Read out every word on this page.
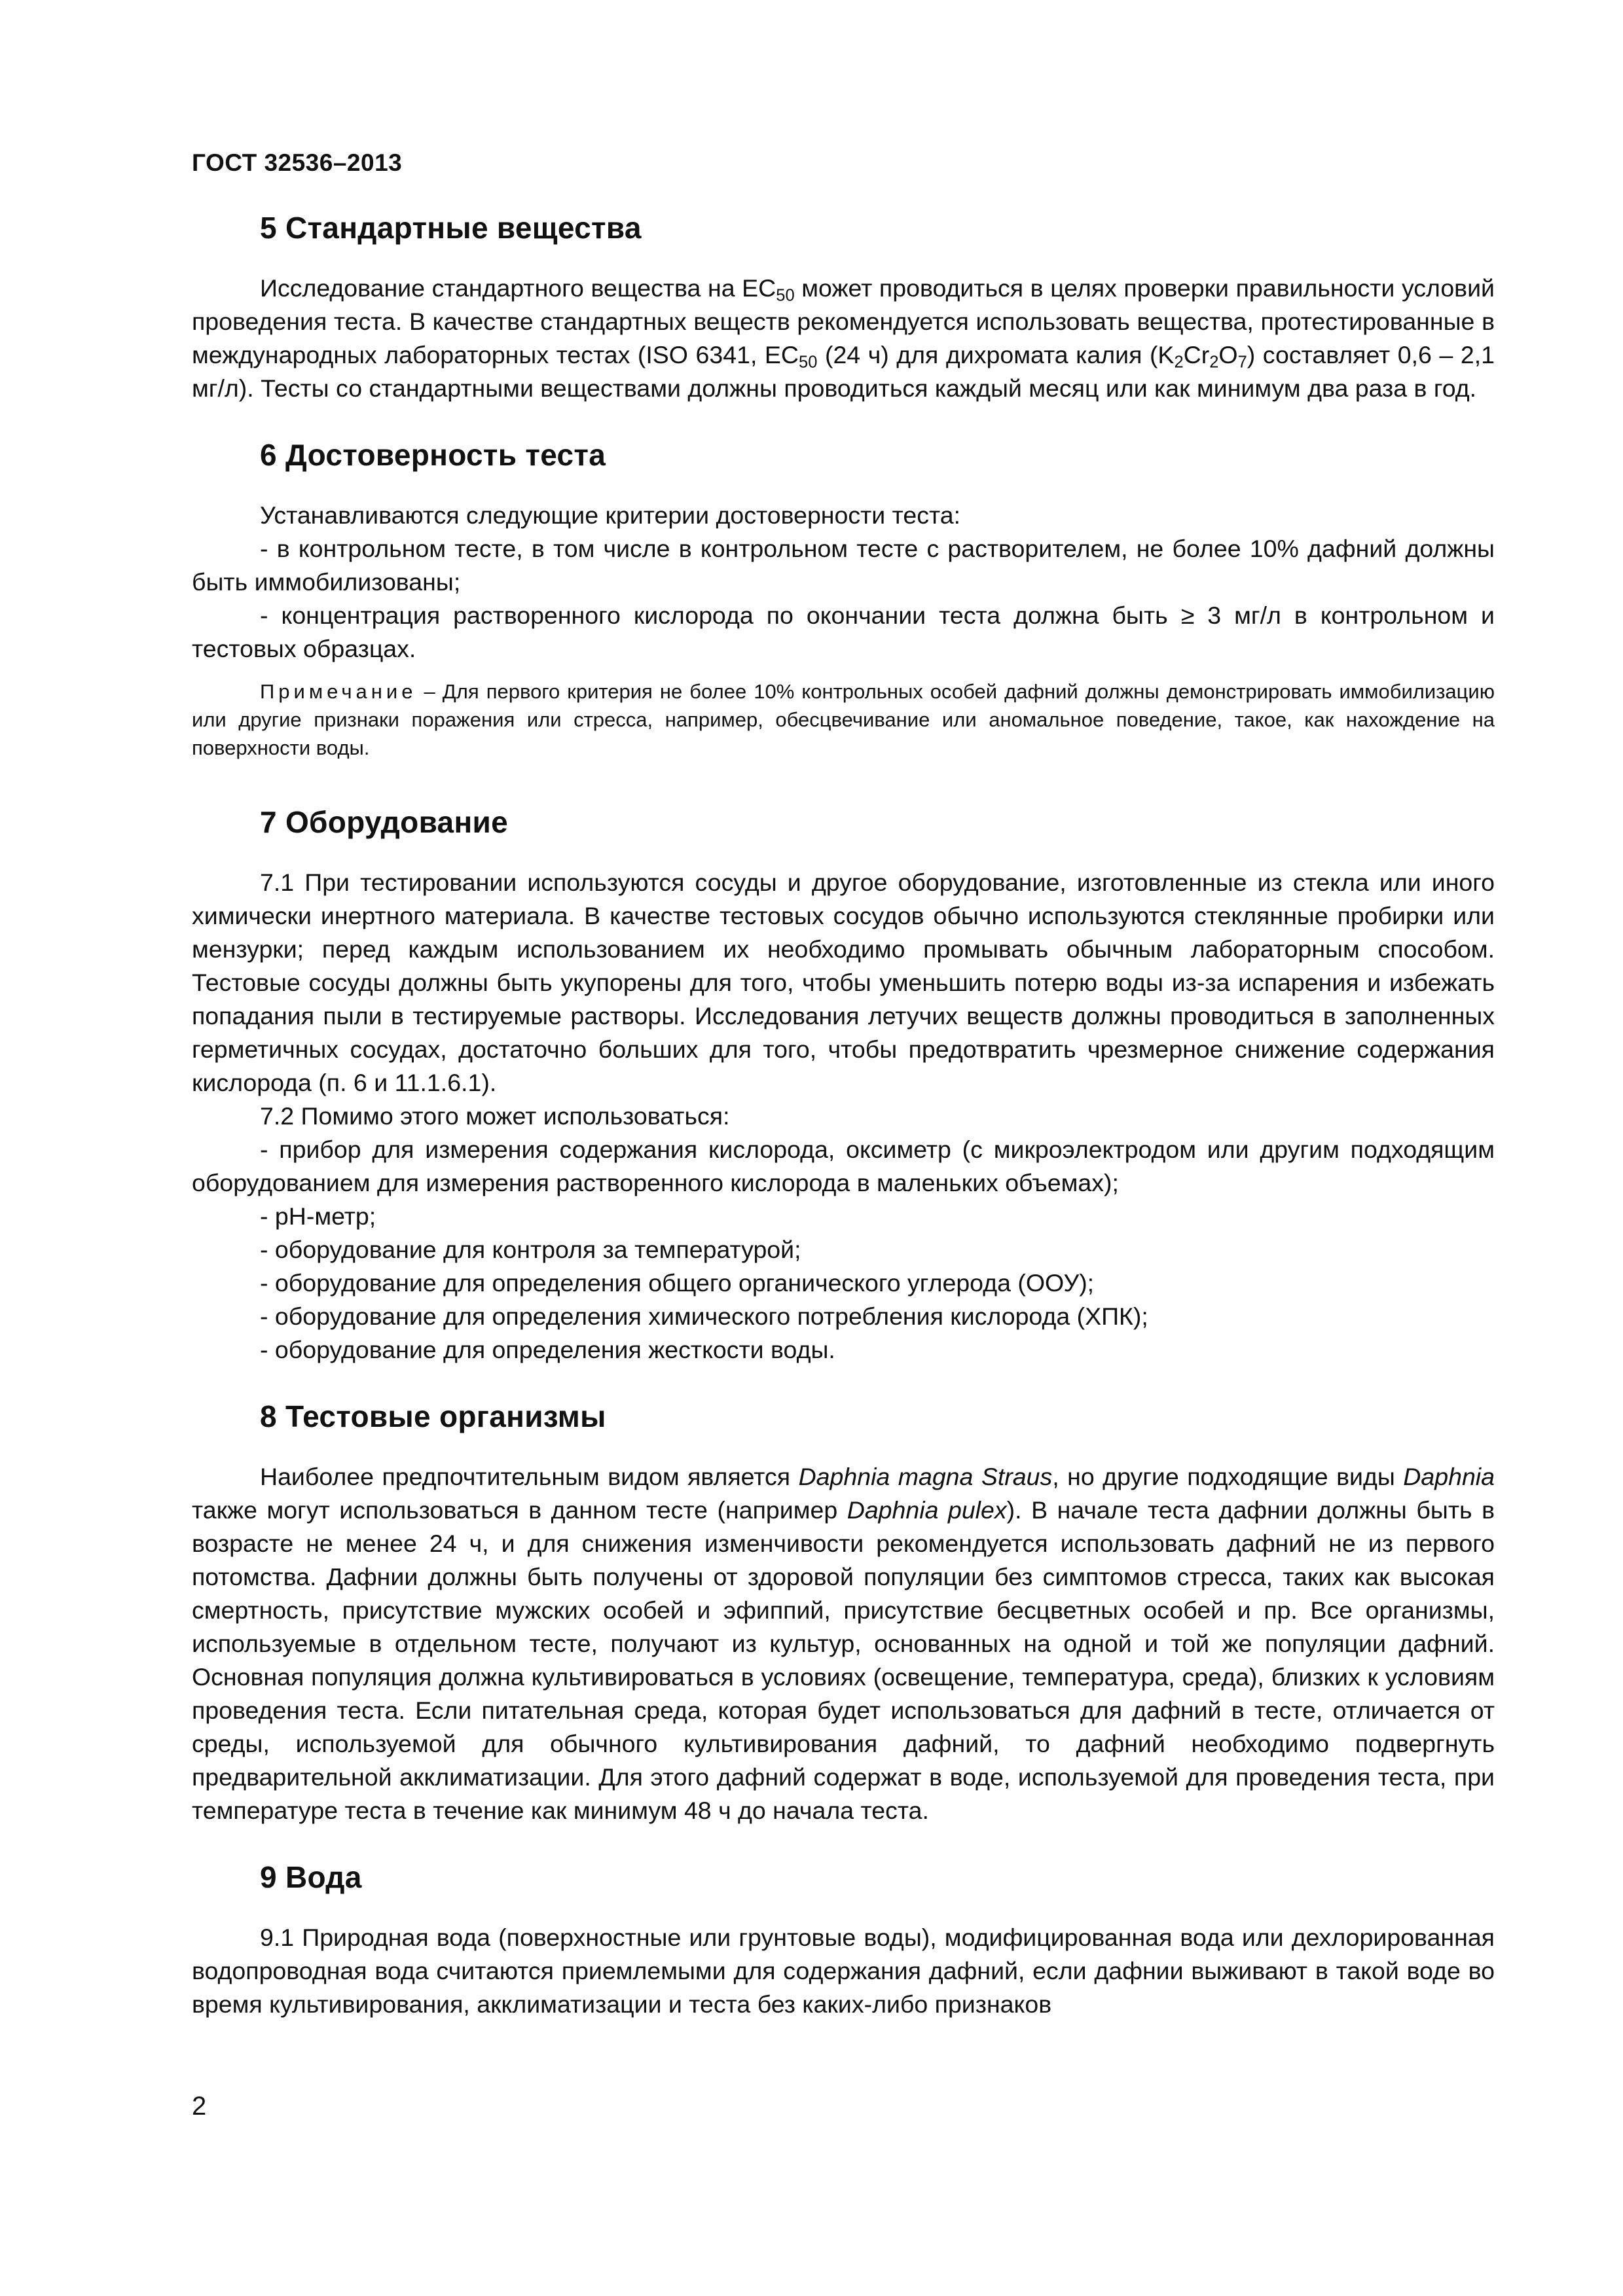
ГОСТ 32536–2013
5 Стандартные вещества

Исследование стандартного вещества на $EC_{50}$ может проводиться в целях проверки правильности условий проведения теста. В качестве стандартных веществ рекомендуется использовать вещества, протестированные в международных лабораторных тестах (ISO 6341, $EC_{50}$ (24 ч) для дихромата калия $(K_2Cr_2O_7)$ составляет 0,6 – 2,1 мг/л). Тесты со стандартными веществами должны проводиться каждый месяц или как минимум два раза в год.

6 Достоверность теста

Устанавливаются следующие критерии достоверности теста:

- в контрольном тесте, в том числе в контрольном тесте с растворителем, не более 10% дафний должны быть иммобилизованы;

- концентрация растворенного кислорода по окончании теста должна быть ≥ 3 мг/л в контрольном и тестовых образцах.

Примечание – Для первого критерия не более 10% контрольных особей дафний должны демонстрировать иммобилизацию или другие признаки поражения или стресса, например, обесцвечивание или аномальное поведение, такое, как нахождение на поверхности воды.

7 Оборудование

7.1 При тестировании используются сосуды и другое оборудование, изготовленные из стекла или иного химически инертного материала. В качестве тестовых сосудов обычно используются стеклянные пробирки или мензурки; перед каждым использованием их необходимо промывать обычным лабораторным способом. Тестовые сосуды должны быть укупорены для того, чтобы уменьшить потерю воды из-за испарения и избежать попадания пыли в тестируемые растворы. Исследования летучих веществ должны проводиться в заполненных герметичных сосудах, достаточно больших для того, чтобы предотвратить чрезмерное снижение содержания кислорода (п. 6 и 11.1.6.1).

7.2 Помимо этого может использоваться:

- прибор для измерения содержания кислорода, оксиметр (с микроэлектродом или другим подходящим оборудованием для измерения растворенного кислорода в маленьких объемах);

- pH-метр;

- оборудование для контроля за температурой;

- оборудование для определения общего органического углерода (ООУ);

- оборудование для определения химического потребления кислорода (ХПК);

- оборудование для определения жесткости воды.

8 Тестовые организмы

Наиболее предпочтительным видом является Daphnia magna Straus, но другие подходящие виды Daphnia также могут использоваться в данном тесте (например Daphnia pulex). В начале теста дафнии должны быть в возрасте не менее 24 ч, и для снижения изменчивости рекомендуется использовать дафний не из первого потомства. Дафнии должны быть получены от здоровой популяции без симптомов стресса, таких как высокая смертность, присутствие мужских особей и эфиппий, присутствие бесцветных особей и пр. Все организмы, используемые в отдельном тесте, получают из культур, основанных на одной и той же популяции дафний. Основная популяция должна культивироваться в условиях (освещение, температура, среда), близких к условиям проведения теста. Если питательная среда, которая будет использоваться для дафний в тесте, отличается от среды, используемой для обычного культивирования дафний, то дафний необходимо подвергнуть предварительной акклиматизации. Для этого дафний содержат в воде, используемой для проведения теста, при температуре теста в течение как минимум 48 ч до начала теста.

9 Вода

9.1 Природная вода (поверхностные или грунтовые воды), модифицированная вода или дехлорированная водопроводная вода считаются приемлемыми для содержания дафний, если дафнии выживают в такой воде во время культивирования, акклиматизации и теста без каких-либо признаков

2
